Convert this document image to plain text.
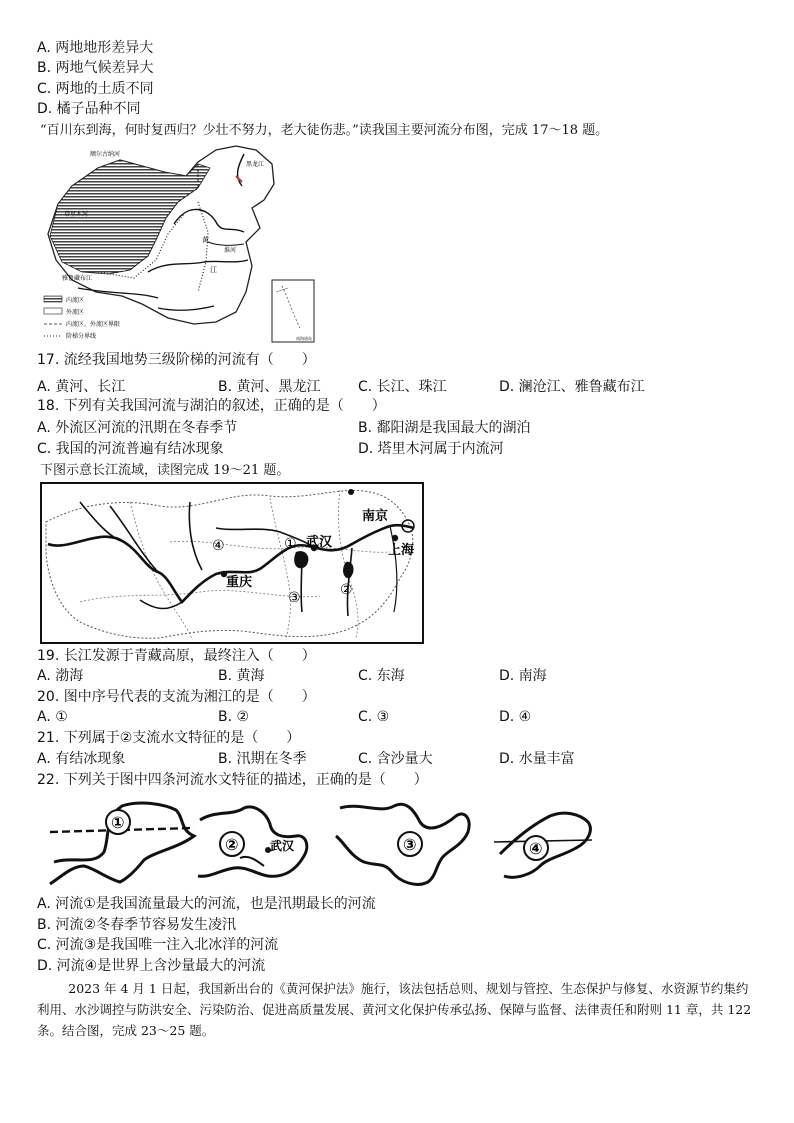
A. 两地地形差异大
B. 两地气候差异大
C. 两地的土质不同
D. 橘子品种不同
“百川东到海，何时复西归？少壮不努力，老大徒伤悲。”读我国主要河流分布图，完成 17～18 题。
额尔古纳河
黑龙江
塔里木河
黄
淮河
江
雅鲁藏布江
内流区
外流区
内流区、外流区界限
阶梯分界线	南海诸岛
17. 流经我国地势三级阶梯的河流有（　　）
A. 黄河、长江	B. 黄河、黑龙江	C. 长江、珠江	D. 澜沧江、雅鲁藏布江
18. 下列有关我国河流与湖泊的叙述，正确的是（　　）
A. 外流区河流的汛期在冬春季节	B. 鄱阳湖是我国最大的湖泊
C. 我国的河流普遍有结冰现象	D. 塔里木河属于内流河
下图示意长江流域，读图完成 19～21 题。
南京
武汉
重庆
上海
①
②
③
④
19. 长江发源于青藏高原，最终注入（　　）
A. 渤海	B. 黄海	C. 东海	D. 南海
20. 图中序号代表的支流为湘江的是（　　）
A. ①	B. ②	C. ③	D. ④
21. 下列属于②支流水文特征的是（　　）
A. 有结冰现象	B. 汛期在冬季	C. 含沙量大	D. 水量丰富
22. 下列关于图中四条河流水文特征的描述，正确的是（　　）
①
②	武汉	③	④
A. 河流①是我国流量最大的河流，也是汛期最长的河流
B. 河流②冬春季节容易发生凌汛
C. 河流③是我国唯一注入北冰洋的河流
D. 河流④是世界上含沙量最大的河流
2023 年 4 月 1 日起，我国新出台的《黄河保护法》施行，该法包括总则、规划与管控、生态保护与修复、水资源节约集约利用、水沙调控与防洪安全、污染防治、促进高质量发展、黄河文化保护传承弘扬、保障与监督、法律责任和附则 11 章，共 122 条。结合图，完成 23～25 题。
